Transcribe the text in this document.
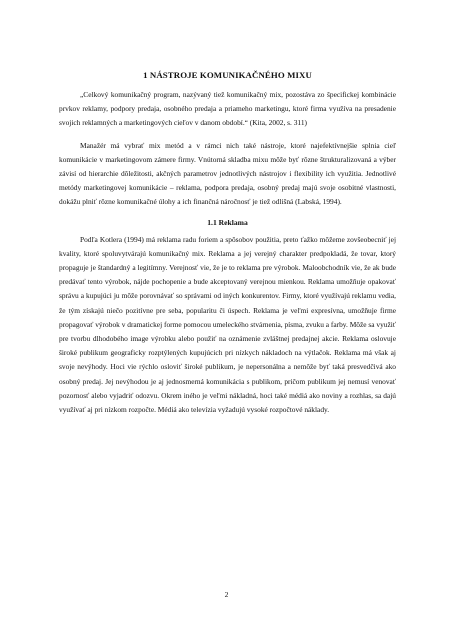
1 NÁSTROJE KOMUNIKAČNÉHO MIXU

„Celkový komunikačný program, nazývaný tiež komunikačný mix, pozostáva zo špecifickej kombinácie prvkov reklamy, podpory predaja, osobného predaja a priameho marketingu, ktoré firma využíva na presadenie svojich reklamných a marketingových cieľov v danom období.“ (Kita, 2002, s. 311)

Manažér má vybrať mix metód a v rámci nich také nástroje, ktoré najefektívnejšie splnia cieľ komunikácie v marketingovom zámere firmy. Vnútorná skladba mixu môže byť rôzne štrukturalizovaná a výber závisí od hierarchie dôležitosti, akčných parametrov jednotlivých nástrojov i flexibility ich využitia. Jednotlivé metódy marketingovej komunikácie – reklama, podpora predaja, osobný predaj majú svoje osobitné vlastnosti, dokážu plniť rôzne komunikačné úlohy a ich finančná náročnosť je tiež odlišná (Labská, 1994).

1.1 Reklama

Podľa Kotlera (1994) má reklama radu foriem a spôsobov použitia, preto ťažko môžeme zovšeobecniť jej kvality, ktoré spoluvytvárajú komunikačný mix. Reklama a jej verejný charakter predpokladá, že tovar, ktorý propaguje je štandardný a legitímny. Verejnosť vie, že je to reklama pre výrobok. Maloobchodník vie, že ak bude predávať tento výrobok, nájde pochopenie a bude akceptovaný verejnou mienkou. Reklama umožňuje opakovať správu a kupujúci ju môže porovnávať so správami od iných konkurentov. Firmy, ktoré využívajú reklamu vedia, že tým získajú niečo pozitívne pre seba, popularitu či úspech. Reklama je veľmi expresívna, umožňuje firme propagovať výrobok v dramatickej forme pomocou umeleckého stvárnenia, písma, zvuku a farby. Môže sa využiť pre tvorbu dlhodobého image výrobku alebo použiť na oznámenie zvláštnej predajnej akcie. Reklama oslovuje široké publikum geograficky rozptýlených kupujúcich pri nízkych nákladoch na výtlačok. Reklama má však aj svoje nevýhody. Hoci vie rýchlo osloviť široké publikum, je nepersonálna a nemôže byť taká presvedčivá ako osobný predaj. Jej nevýhodou je aj jednosmerná komunikácia s publikom, pričom publikum jej nemusí venovať pozornosť alebo vyjadriť odozvu. Okrem iného je veľmi nákladná, hoci také médiá ako noviny a rozhlas, sa dajú využívať aj pri nízkom rozpočte. Médiá ako televízia vyžadujú vysoké rozpočtové náklady.

2
